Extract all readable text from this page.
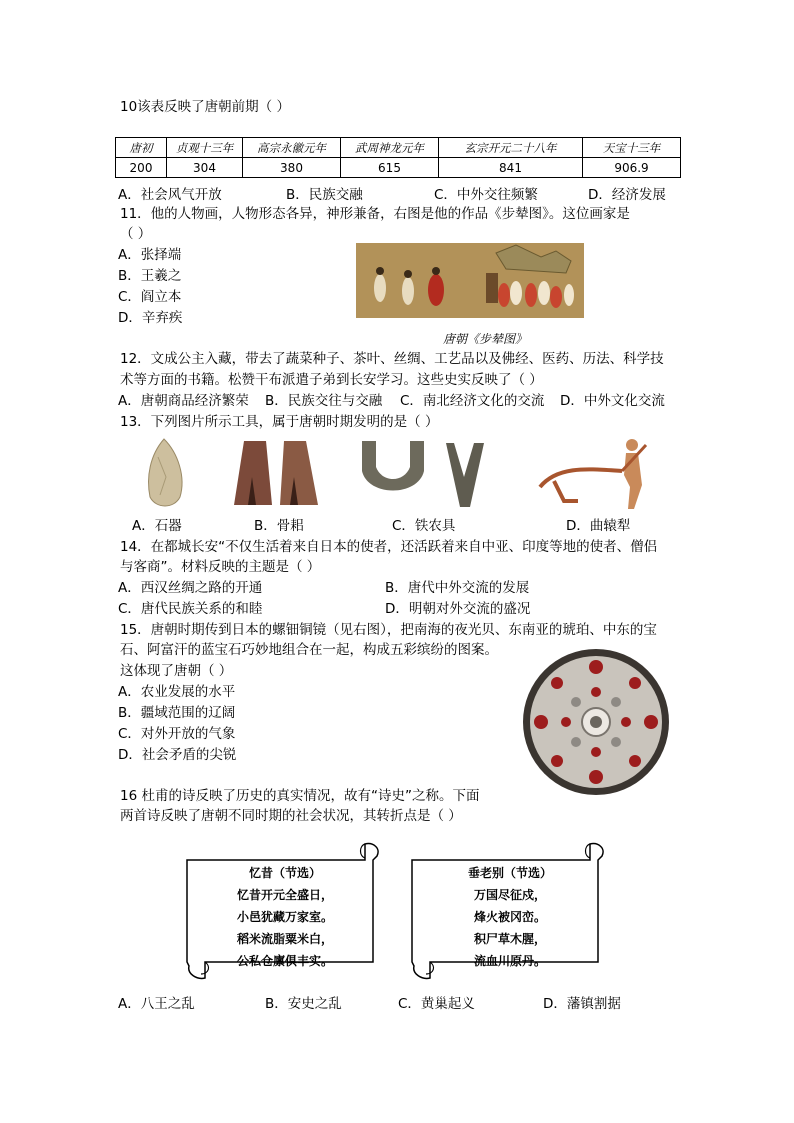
10该表反映了唐朝前期（ ）
唐初	贞观十三年	高宗永徽元年	武周神龙元年	玄宗开元二十八年	天宝十三年
200	304	380	615	841	906.9
A．社会风气开放	B．民族交融	C．中外交往频繁	D．经济发展
11．他的人物画，人物形态各异，神形兼备，右图是他的作品《步辇图》。这位画家是
（ ）
A．张择端
B．王羲之
C．阎立本
D．辛弃疾
唐朝《步辇图》
12．文成公主入藏，带去了蔬菜种子、茶叶、丝绸、工艺品以及佛经、医药、历法、科学技
术等方面的书籍。松赞干布派遣子弟到长安学习。这些史实反映了（ ）
A．唐朝商品经济繁荣 B．民族交往与交融 C．南北经济文化的交流 D．中外文化交流
13．下列图片所示工具，属于唐朝时期发明的是（ ）
A．石器	B．骨耜	C．铁农具	D．曲辕犁
14．在都城长安“不仅生活着来自日本的使者，还活跃着来自中亚、印度等地的使者、僧侣
与客商”。材料反映的主题是（ ）
A．西汉丝绸之路的开通	B．唐代中外交流的发展
C．唐代民族关系的和睦	D．明朝对外交流的盛况
15．唐朝时期传到日本的螺钿铜镜（见右图），把南海的夜光贝、东南亚的琥珀、中东的宝
石、阿富汗的蓝宝石巧妙地组合在一起，构成五彩缤纷的图案。
这体现了唐朝（ ）
A．农业发展的水平
B．疆域范围的辽阔
C．对外开放的气象
D．社会矛盾的尖锐
16 杜甫的诗反映了历史的真实情况，故有“诗史”之称。下面
两首诗反映了唐朝不同时期的社会状况，其转折点是（ ）
忆昔（节选）
忆昔开元全盛日，
小邑犹藏万家室。
稻米流脂粟米白，
公私仓廪俱丰实。
垂老别（节选）
万国尽征戍，
烽火被冈峦。
积尸草木腥，
流血川原丹。
A．八王之乱	B．安史之乱	C．黄巢起义	D．藩镇割据
